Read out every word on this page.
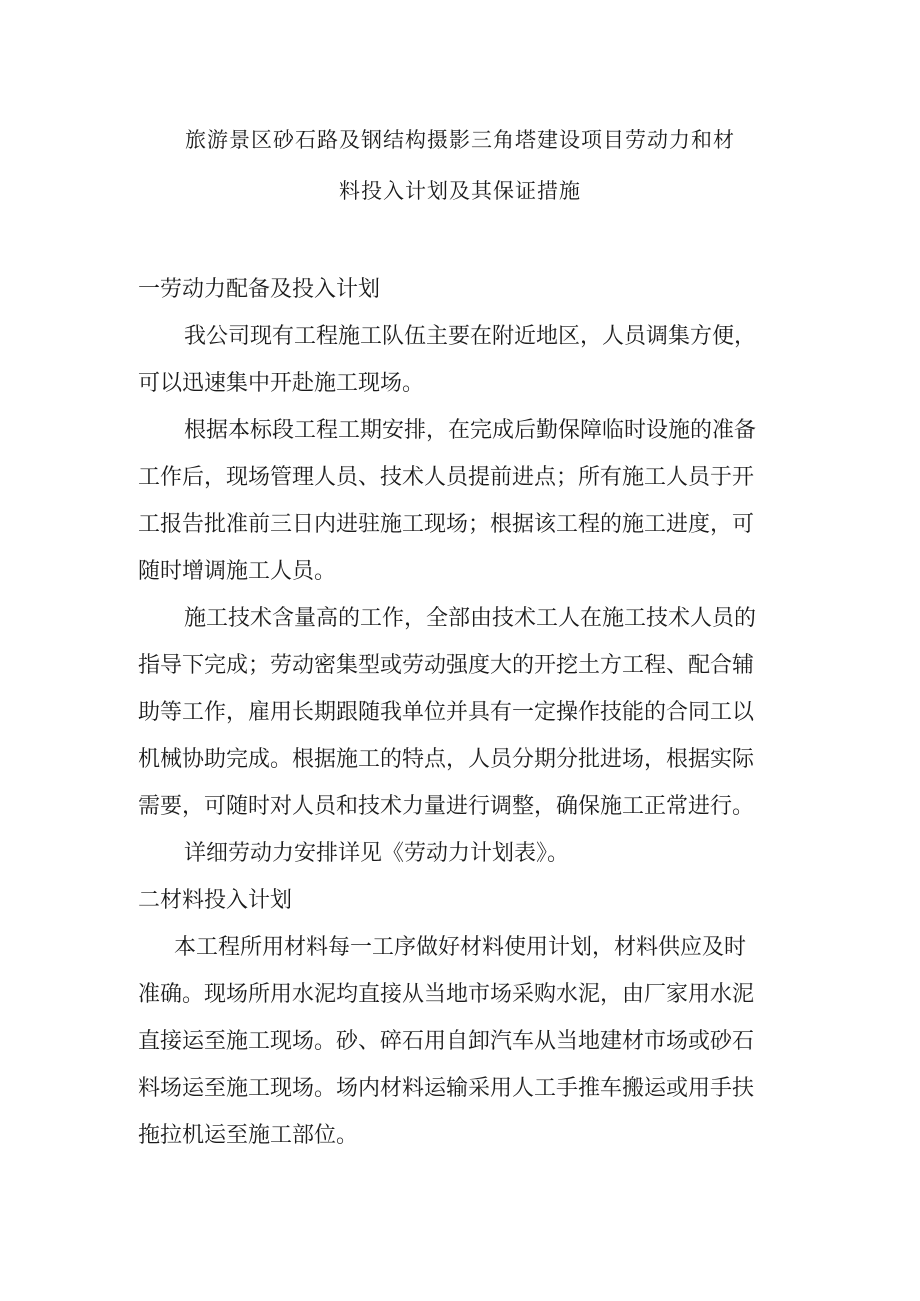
旅游景区砂石路及钢结构摄影三角塔建设项目劳动力和材
料投入计划及其保证措施
一劳动力配备及投入计划
我公司现有工程施工队伍主要在附近地区，人员调集方便，
可以迅速集中开赴施工现场。
根据本标段工程工期安排，在完成后勤保障临时设施的准备
工作后，现场管理人员、技术人员提前进点；所有施工人员于开
工报告批准前三日内进驻施工现场；根据该工程的施工进度，可
随时增调施工人员。
施工技术含量高的工作，全部由技术工人在施工技术人员的
指导下完成；劳动密集型或劳动强度大的开挖土方工程、配合辅
助等工作，雇用长期跟随我单位并具有一定操作技能的合同工以
机械协助完成。根据施工的特点，人员分期分批进场，根据实际
需要，可随时对人员和技术力量进行调整，确保施工正常进行。
详细劳动力安排详见《劳动力计划表》。
二材料投入计划
本工程所用材料每一工序做好材料使用计划，材料供应及时
准确。现场所用水泥均直接从当地市场采购水泥，由厂家用水泥
直接运至施工现场。砂、碎石用自卸汽车从当地建材市场或砂石
料场运至施工现场。场内材料运输采用人工手推车搬运或用手扶
拖拉机运至施工部位。
